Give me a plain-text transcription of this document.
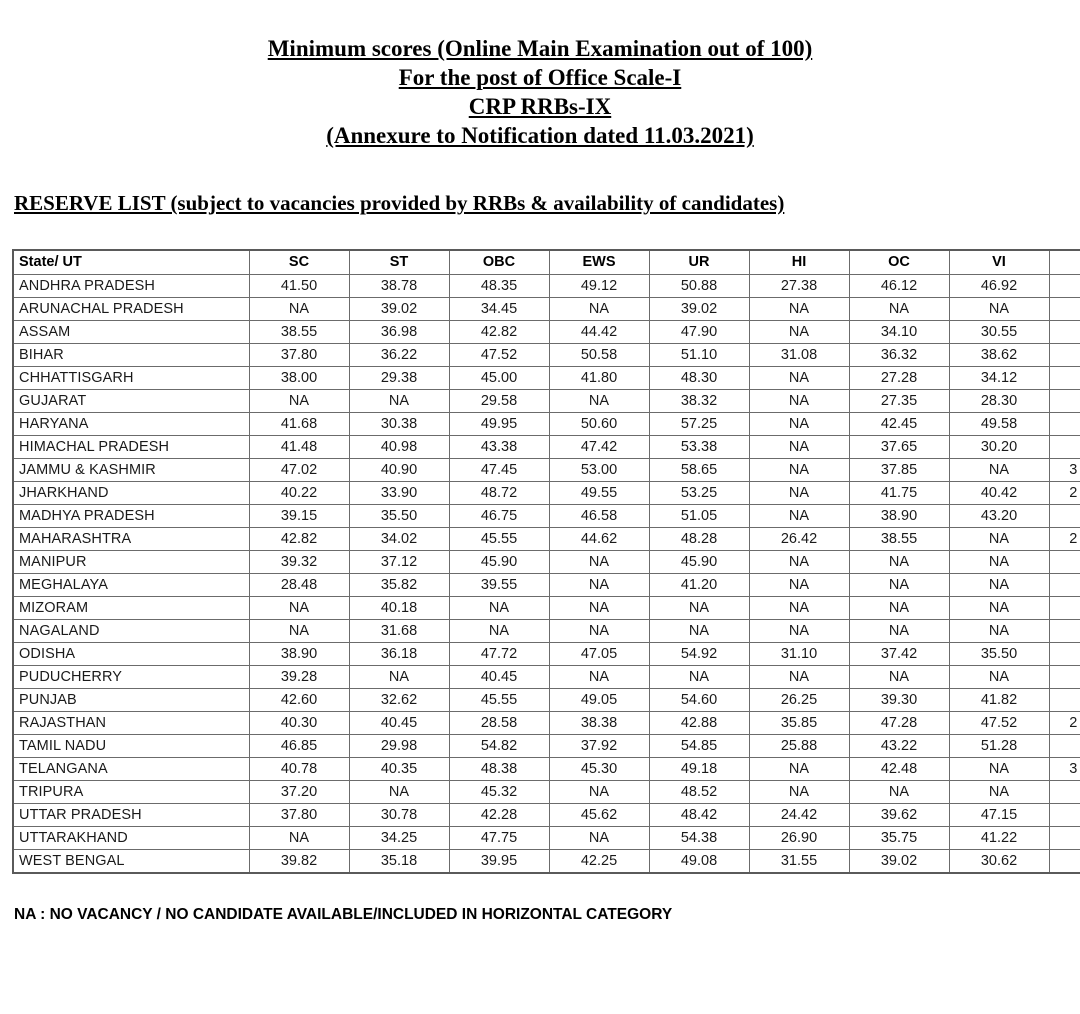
Minimum scores (Online Main Examination out of 100)
For the post of Office Scale-I
CRP RRBs-IX
(Annexure to Notification dated 11.03.2021)
RESERVE LIST (subject to vacancies provided by RRBs & availability of candidates)
State/ UT	SC	ST	OBC	EWS	UR	HI	OC	VI	
ANDHRA PRADESH	41.50	38.78	48.35	49.12	50.88	27.38	46.12	46.92	
ARUNACHAL PRADESH	NA	39.02	34.45	NA	39.02	NA	NA	NA	
ASSAM	38.55	36.98	42.82	44.42	47.90	NA	34.10	30.55	
BIHAR	37.80	36.22	47.52	50.58	51.10	31.08	36.32	38.62	
CHHATTISGARH	38.00	29.38	45.00	41.80	48.30	NA	27.28	34.12	
GUJARAT	NA	NA	29.58	NA	38.32	NA	27.35	28.30	
HARYANA	41.68	30.38	49.95	50.60	57.25	NA	42.45	49.58	
HIMACHAL PRADESH	41.48	40.98	43.38	47.42	53.38	NA	37.65	30.20	
JAMMU & KASHMIR	47.02	40.90	47.45	53.00	58.65	NA	37.85	NA	3
JHARKHAND	40.22	33.90	48.72	49.55	53.25	NA	41.75	40.42	2
MADHYA PRADESH	39.15	35.50	46.75	46.58	51.05	NA	38.90	43.20	
MAHARASHTRA	42.82	34.02	45.55	44.62	48.28	26.42	38.55	NA	2
MANIPUR	39.32	37.12	45.90	NA	45.90	NA	NA	NA	
MEGHALAYA	28.48	35.82	39.55	NA	41.20	NA	NA	NA	
MIZORAM	NA	40.18	NA	NA	NA	NA	NA	NA	
NAGALAND	NA	31.68	NA	NA	NA	NA	NA	NA	
ODISHA	38.90	36.18	47.72	47.05	54.92	31.10	37.42	35.50	
PUDUCHERRY	39.28	NA	40.45	NA	NA	NA	NA	NA	
PUNJAB	42.60	32.62	45.55	49.05	54.60	26.25	39.30	41.82	
RAJASTHAN	40.30	40.45	28.58	38.38	42.88	35.85	47.28	47.52	2
TAMIL NADU	46.85	29.98	54.82	37.92	54.85	25.88	43.22	51.28	
TELANGANA	40.78	40.35	48.38	45.30	49.18	NA	42.48	NA	3
TRIPURA	37.20	NA	45.32	NA	48.52	NA	NA	NA	
UTTAR PRADESH	37.80	30.78	42.28	45.62	48.42	24.42	39.62	47.15	
UTTARAKHAND	NA	34.25	47.75	NA	54.38	26.90	35.75	41.22	
WEST BENGAL	39.82	35.18	39.95	42.25	49.08	31.55	39.02	30.62	
NA : NO VACANCY / NO CANDIDATE AVAILABLE/INCLUDED IN HORIZONTAL CATEGORY
